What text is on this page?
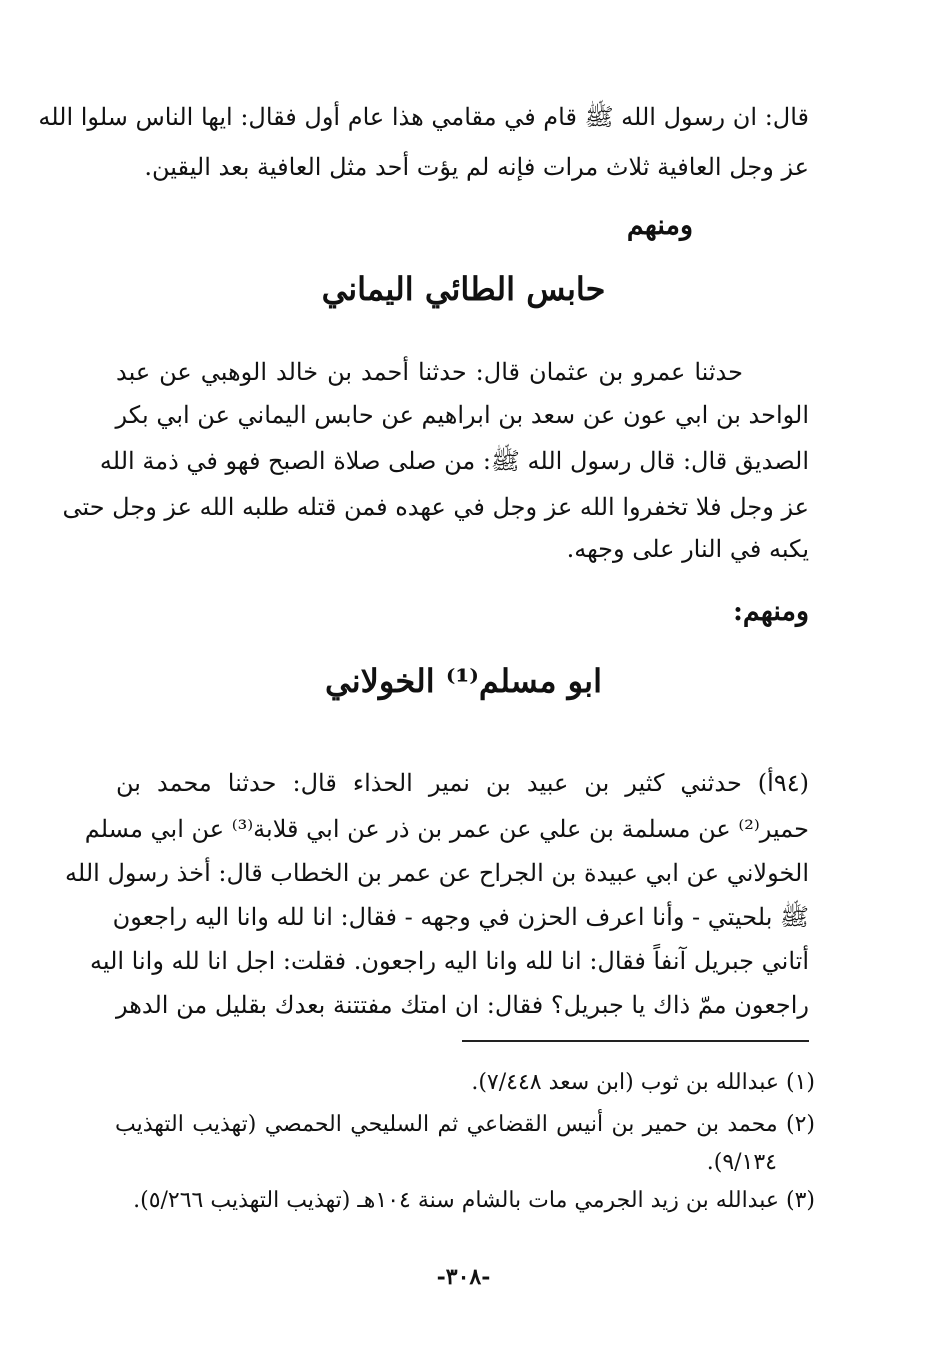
قال: ان رسول الله ﷺ قام في مقامي هذا عام أول فقال: ايها الناس سلوا الله
عز وجل العافية ثلاث مرات فإنه لم يؤت أحد مثل العافية بعد اليقين.
ومنهم
حابس الطائي اليماني
حدثنا عمرو بن عثمان قال: حدثنا أحمد بن خالد الوهبي عن عبد
الواحد بن ابي عون عن سعد بن ابراهيم عن حابس اليماني عن ابي بكر
الصديق قال: قال رسول الله ﷺ: من صلى صلاة الصبح فهو في ذمة الله
عز وجل فلا تخفروا الله عز وجل في عهده فمن قتله طلبه الله عز وجل حتى
يكبه في النار على وجهه.
ومنهم:
ابو مسلم⁽¹⁾ الخولاني
(٩٤أ) حدثني كثير بن عبيد بن نمير الحذاء قال: حدثنا محمد بن
حمير⁽²⁾ عن مسلمة بن علي عن عمر بن ذر عن ابي قلابة⁽³⁾ عن ابي مسلم
الخولاني عن ابي عبيدة بن الجراح عن عمر بن الخطاب قال: أخذ رسول الله
ﷺ بلحيتي - وأنا اعرف الحزن في وجهه - فقال: انا لله وانا اليه راجعون
أتاني جبريل آنفاً فقال: انا لله وانا اليه راجعون. فقلت: اجل انا لله وانا اليه
راجعون ممّ ذاك يا جبريل؟ فقال: ان امتك مفتتنة بعدك بقليل من الدهر
(١) عبدالله بن ثوب (ابن سعد ٧/٤٤٨).
(٢) محمد بن حمير بن أنيس القضاعي ثم السليحي الحمصي (تهذيب التهذيب
٩/١٣٤).
(٣) عبدالله بن زيد الجرمي مات بالشام سنة ١٠٤هـ (تهذيب التهذيب ٥/٢٦٦).
-٣٠٨-
